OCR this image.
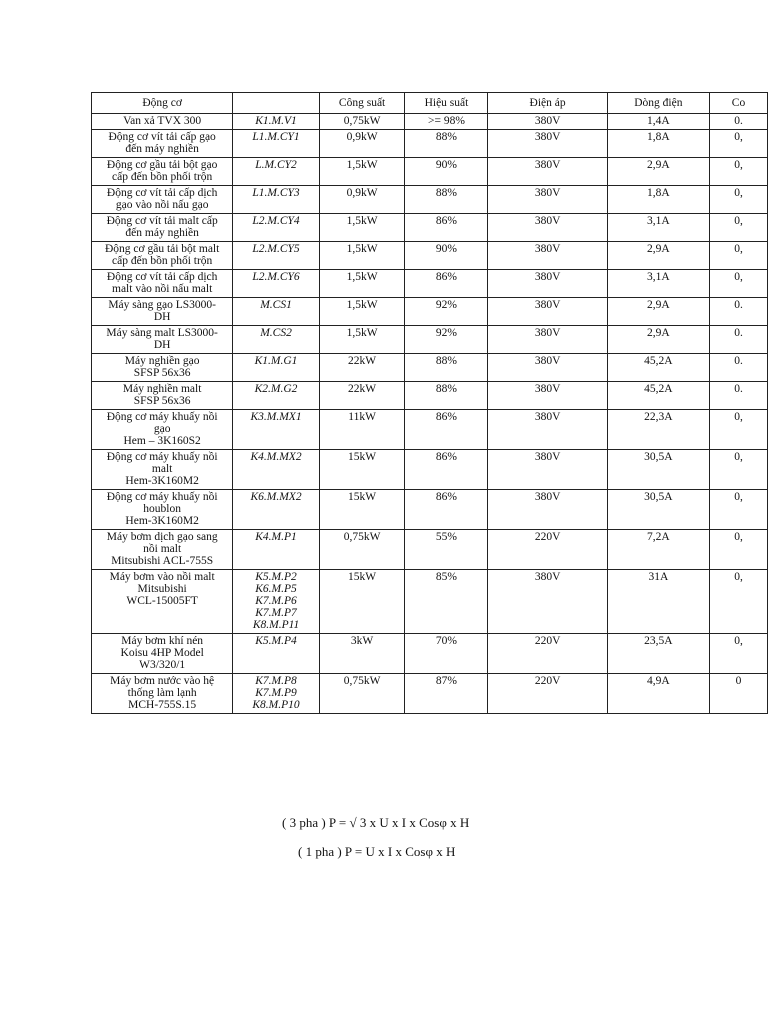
Động cơ		Công suất	Hiệu suất	Điện áp	Dòng điện	Co
Van xả TVX 300	K1.M.V1	0,75kW	>= 98%	380V	1,4A	0.
Động cơ vít tải cấp gạo
đến máy nghiền	L1.M.CY1	0,9kW	88%	380V	1,8A	0,
Động cơ gầu tải bột gạo
cấp đến bồn phối trộn	L.M.CY2	1,5kW	90%	380V	2,9A	0,
Động cơ vít tải cấp dịch
gạo vào nồi nấu gạo	L1.M.CY3	0,9kW	88%	380V	1,8A	0,
Động cơ vít tải malt cấp
đến máy nghiền	L2.M.CY4	1,5kW	86%	380V	3,1A	0,
Động cơ gầu tải bột malt
cấp đến bồn phối trộn	L2.M.CY5	1,5kW	90%	380V	2,9A	0,
Động cơ vít tải cấp dịch
malt vào nồi nấu malt	L2.M.CY6	1,5kW	86%	380V	3,1A	0,
Máy sàng gạo LS3000-
DH	M.CS1	1,5kW	92%	380V	2,9A	0.
Máy sàng malt LS3000-
DH	M.CS2	1,5kW	92%	380V	2,9A	0.
Máy nghiền gạo
SFSP 56x36	K1.M.G1	22kW	88%	380V	45,2A	0.
Máy nghiền malt
SFSP 56x36	K2.M.G2	22kW	88%	380V	45,2A	0.
Động cơ máy khuấy nồi
gạo
Hem – 3K160S2	K3.M.MX1	11kW	86%	380V	22,3A	0,
Động cơ máy khuấy nồi
malt
Hem-3K160M2	K4.M.MX2	15kW	86%	380V	30,5A	0,
Động cơ máy khuấy nồi
houblon
Hem-3K160M2	K6.M.MX2	15kW	86%	380V	30,5A	0,
Máy bơm dịch gạo sang
nồi malt
Mitsubishi ACL-755S	K4.M.P1	0,75kW	55%	220V	7,2A	0,
Máy bơm vào nồi malt
Mitsubishi
WCL-15005FT	K5.M.P2
K6.M.P5
K7.M.P6
K7.M.P7
K8.M.P11	15kW	85%	380V	31A	0,
Máy bơm khí nén
Koisu 4HP Model
W3/320/1	K5.M.P4	3kW	70%	220V	23,5A	0,
Máy bơm nước vào hệ
thống làm lạnh
MCH-755S.15	K7.M.P8
K7.M.P9
K8.M.P10	0,75kW	87%	220V	4,9A	0
( 3 pha ) P = √ 3 x U x I x Cosφ x H
( 1 pha ) P = U x I x Cosφ x H
